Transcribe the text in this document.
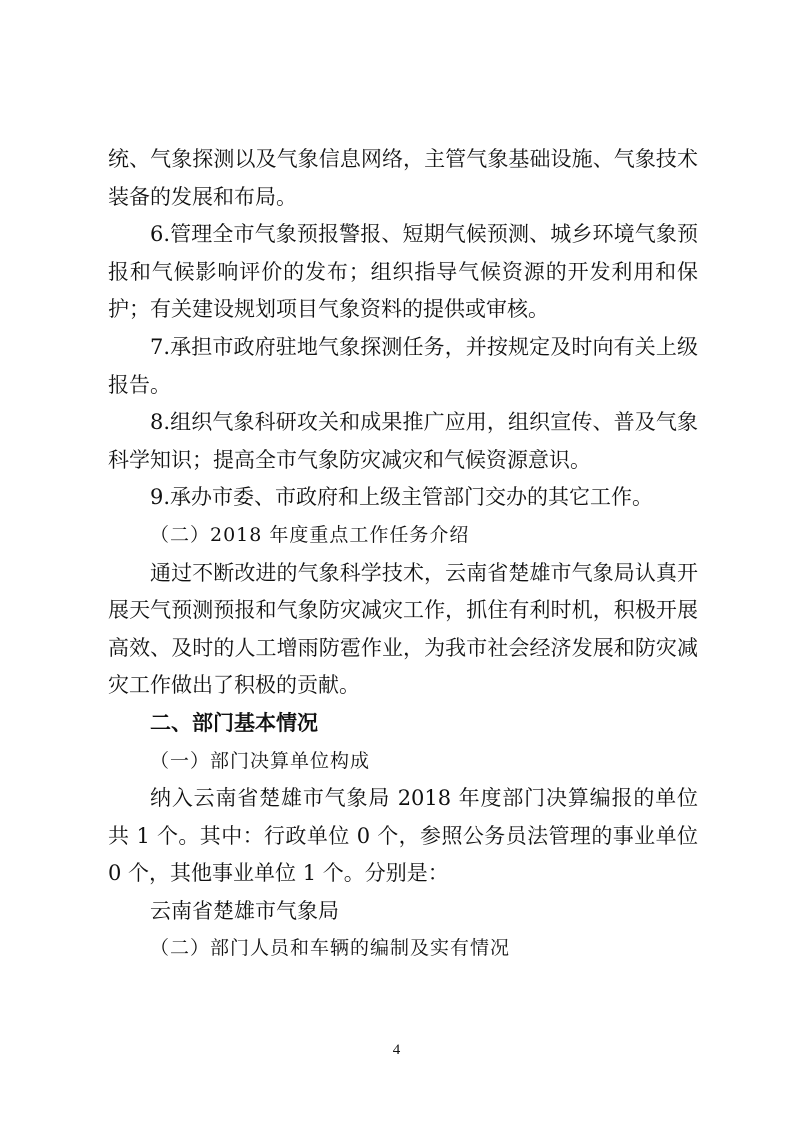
统、气象探测以及气象信息网络，主管气象基础设施、气象技术装备的发展和布局。

6.管理全市气象预报警报、短期气候预测、城乡环境气象预报和气候影响评价的发布；组织指导气候资源的开发利用和保护；有关建设规划项目气象资料的提供或审核。

7.承担市政府驻地气象探测任务，并按规定及时向有关上级报告。

8.组织气象科研攻关和成果推广应用，组织宣传、普及气象科学知识；提高全市气象防灾减灾和气候资源意识。

9.承办市委、市政府和上级主管部门交办的其它工作。

（二）2018 年度重点工作任务介绍

通过不断改进的气象科学技术，云南省楚雄市气象局认真开展天气预测预报和气象防灾减灾工作，抓住有利时机，积极开展高效、及时的人工增雨防雹作业，为我市社会经济发展和防灾减灾工作做出了积极的贡献。

二、部门基本情况

（一）部门决算单位构成

纳入云南省楚雄市气象局 2018 年度部门决算编报的单位共 1 个。其中：行政单位 0 个，参照公务员法管理的事业单位 0 个，其他事业单位 1 个。分别是：

云南省楚雄市气象局

（二）部门人员和车辆的编制及实有情况

4
